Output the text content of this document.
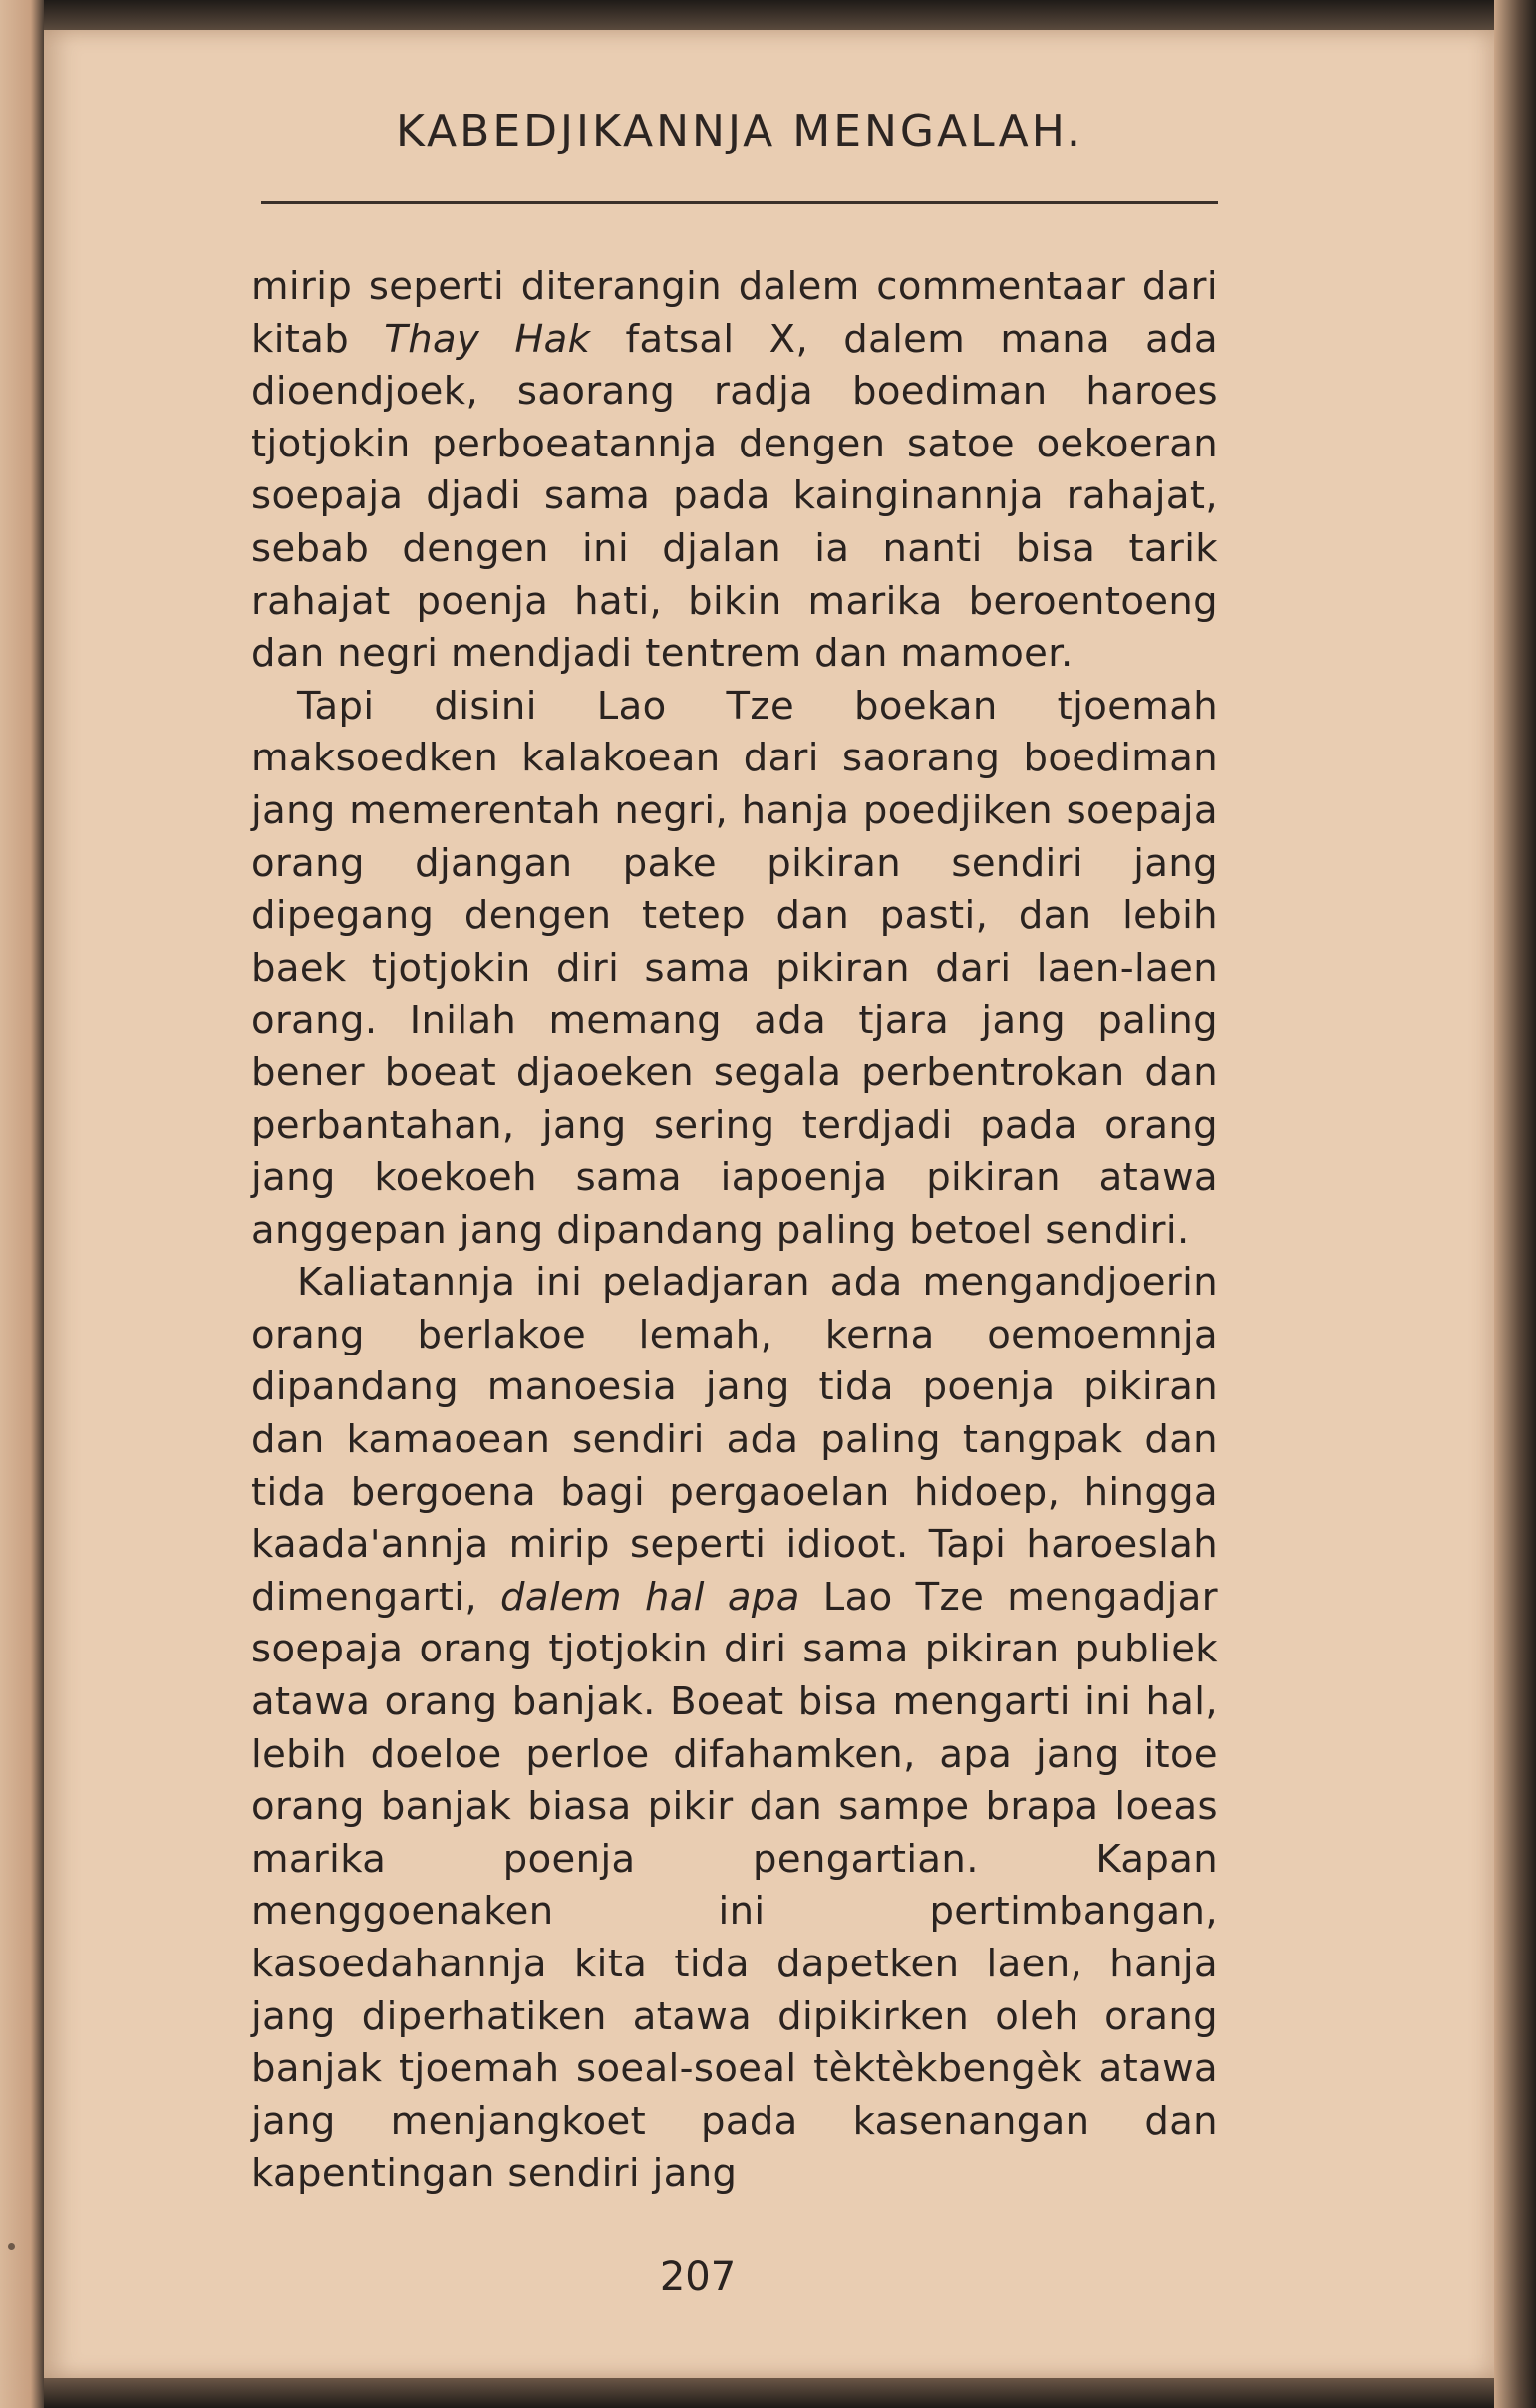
KABEDJIKANNJA MENGALAH.

mirip seperti diterangin dalem commentaar dari kitab Thay Hak fatsal X, dalem mana ada dioendjoek, saorang radja boediman haroes tjotjokin perboeatannja dengen satoe oekoeran soepaja djadi sama pada kainginannja rahajat, sebab dengen ini djalan ia nanti bisa tarik rahajat poenja hati, bikin marika beroentoeng dan negri mendjadi tentrem dan mamoer.

Tapi disini Lao Tze boekan tjoemah maksoedken kalakoean dari saorang boediman jang memerentah negri, hanja poedjiken soepaja orang djangan pake pikiran sendiri jang dipegang dengen tetep dan pasti, dan lebih baek tjotjokin diri sama pikiran dari laen-laen orang. Inilah memang ada tjara jang paling bener boeat djaoeken segala perbentrokan dan perbantahan, jang sering terdjadi pada orang jang koekoeh sama iapoenja pikiran atawa anggepan jang dipandang paling betoel sendiri.

Kaliatannja ini peladjaran ada mengandjoerin orang berlakoe lemah, kerna oemoemnja dipandang manoesia jang tida poenja pikiran dan kamaoean sendiri ada paling tangpak dan tida bergoena bagi pergaoelan hidoep, hingga kaada'annja mirip seperti idioot. Tapi haroeslah dimengarti, dalem hal apa Lao Tze mengadjar soepaja orang tjotjokin diri sama pikiran publiek atawa orang banjak. Boeat bisa mengarti ini hal, lebih doeloe perloe difahamken, apa jang itoe orang banjak biasa pikir dan sampe brapa loeas marika poenja pengartian. Kapan menggoenaken ini pertimbangan, kasoedahannja kita tida dapetken laen, hanja jang diperhatiken atawa dipikirken oleh orang banjak tjoemah soeal-soeal tèktèkbengèk atawa jang menjangkoet pada kasenangan dan kapentingan sendiri jang

207
